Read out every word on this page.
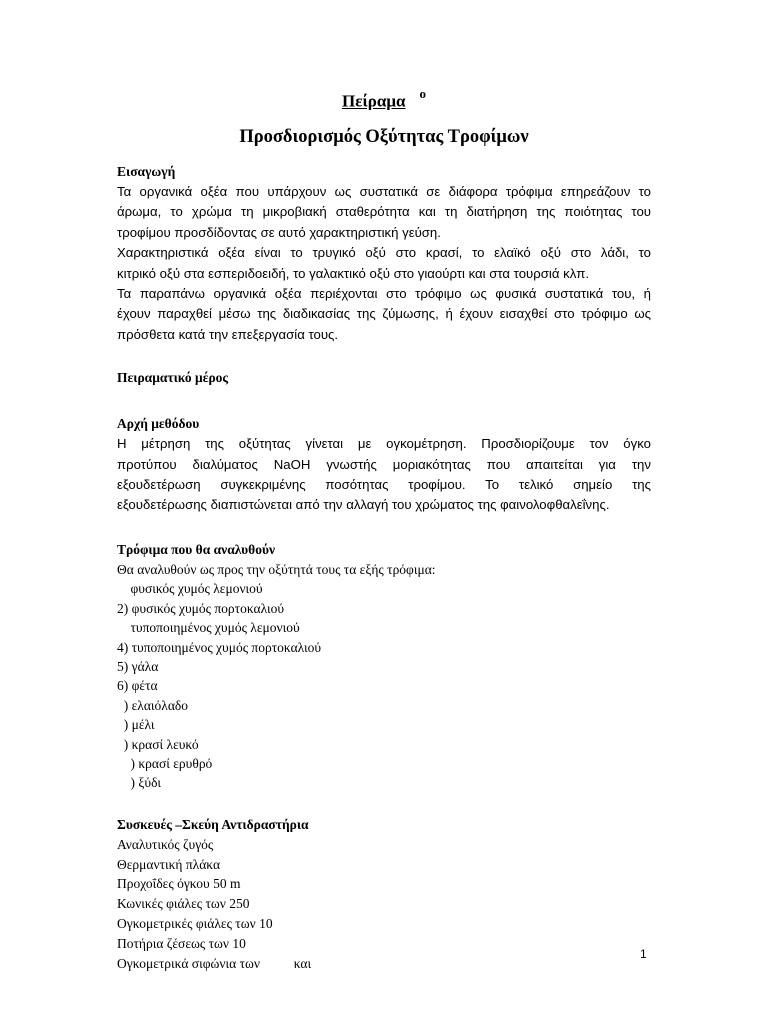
Πείραμα $^o$
Προσδιορισμός Οξύτητας Τροφίμων
Εισαγωγή
Τα οργανικά οξέα που υπάρχουν ως συστατικά σε διάφορα τρόφιμα επηρεάζουν το
άρωμα, το χρώμα τη μικροβιακή σταθερότητα και τη διατήρηση της ποιότητας του
τροφίμου προσδίδοντας σε αυτό χαρακτηριστική γεύση.
Χαρακτηριστικά οξέα είναι το τρυγικό οξύ στο κρασί, το ελαϊκό οξύ στο λάδι, το
κιτρικό οξύ στα εσπεριδοειδή, το γαλακτικό οξύ στο γιαούρτι και στα τουρσιά κλπ.
Τα παραπάνω οργανικά οξέα περιέχονται στο τρόφιμο ως φυσικά συστατικά του, ή
έχουν παραχθεί μέσω της διαδικασίας της ζύμωσης, ή έχουν εισαχθεί στο τρόφιμο ως
πρόσθετα κατά την επεξεργασία τους.
Πειραματικό μέρος
Αρχή μεθόδου
Η μέτρηση της οξύτητας γίνεται με ογκομέτρηση. Προσδιορίζουμε τον όγκο
προτύπου διαλύματος NaOH γνωστής μοριακότητας που απαιτείται για την
εξουδετέρωση συγκεκριμένης ποσότητας τροφίμου. Το τελικό σημείο της
εξουδετέρωσης διαπιστώνεται από την αλλαγή του χρώματος της φαινολοφθαλεΐνης.
Τρόφιμα που θα αναλυθούν
Θα αναλυθούν ως προς την οξύτητά τους τα εξής τρόφιμα:
φυσικός χυμός λεμονιού
2) φυσικός χυμός πορτοκαλιού
τυποποιημένος χυμός λεμονιού
4) τυποποιημένος χυμός πορτοκαλιού
5) γάλα
6) φέτα
) ελαιόλαδο
) μέλι
) κρασί λευκό
) κρασί ερυθρό
) ξύδι
Συσκευές –Σκεύη Αντιδραστήρια
Αναλυτικός ζυγός
Θερμαντική πλάκα
Προχοΐδες όγκου 50 m
Κωνικές φιάλες των 250
Ογκομετρικές φιάλες των 10
Ποτήρια ζέσεως των 10
Ογκομετρικά σιφώνια των          και
1
